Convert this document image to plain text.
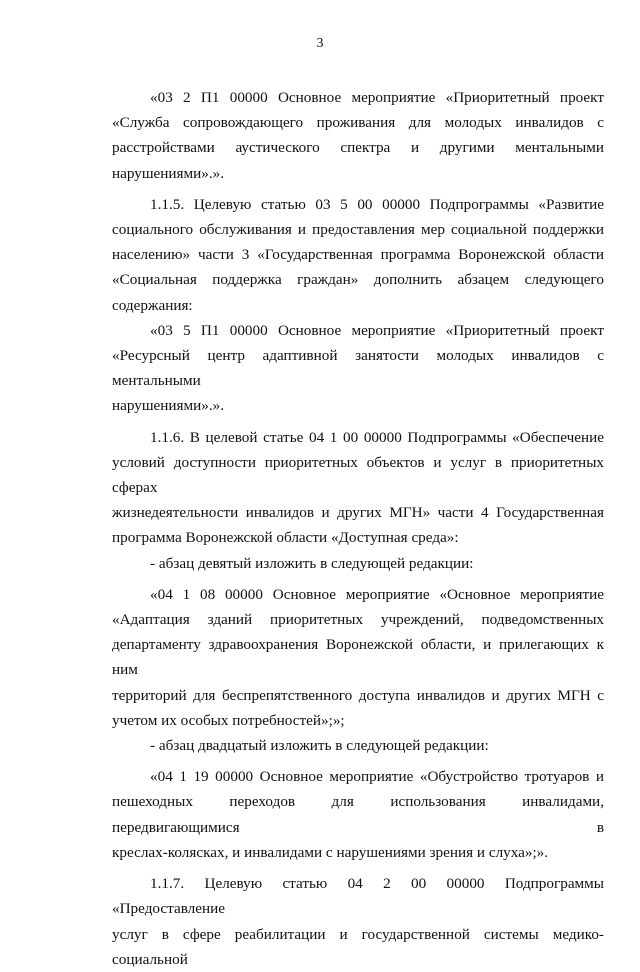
3
«03 2 П1 00000 Основное мероприятие «Приоритетный проект
«Служба сопровождающего проживания для молодых инвалидов с
расстройствами аустического спектра и другими ментальными
нарушениями».».
1.1.5. Целевую статью 03 5 00 00000 Подпрограммы «Развитие
социального обслуживания и предоставления мер социальной поддержки
населению» части 3 «Государственная программа Воронежской области
«Социальная поддержка граждан» дополнить абзацем следующего
содержания:
«03 5 П1 00000 Основное мероприятие «Приоритетный проект
«Ресурсный центр адаптивной занятости молодых инвалидов с ментальными
нарушениями».».
1.1.6. В целевой статье 04 1 00 00000 Подпрограммы «Обеспечение
условий доступности приоритетных объектов и услуг в приоритетных сферах
жизнедеятельности инвалидов и других МГН» части 4 Государственная
программа Воронежской области «Доступная среда»:
- абзац девятый изложить в следующей редакции:
«04 1 08 00000 Основное мероприятие «Основное мероприятие
«Адаптация зданий приоритетных учреждений, подведомственных
департаменту здравоохранения Воронежской области, и прилегающих к ним
территорий для беспрепятственного доступа инвалидов и других МГН с
учетом их особых потребностей»;»;
- абзац двадцатый изложить в следующей редакции:
«04 1 19 00000 Основное мероприятие «Обустройство тротуаров и
пешеходных переходов для использования инвалидами, передвигающимися в
креслах-колясках, и инвалидами с нарушениями зрения и слуха»;».
1.1.7. Целевую статью 04 2 00 00000 Подпрограммы «Предоставление
услуг в сфере реабилитации и государственной системы медико-социальной
